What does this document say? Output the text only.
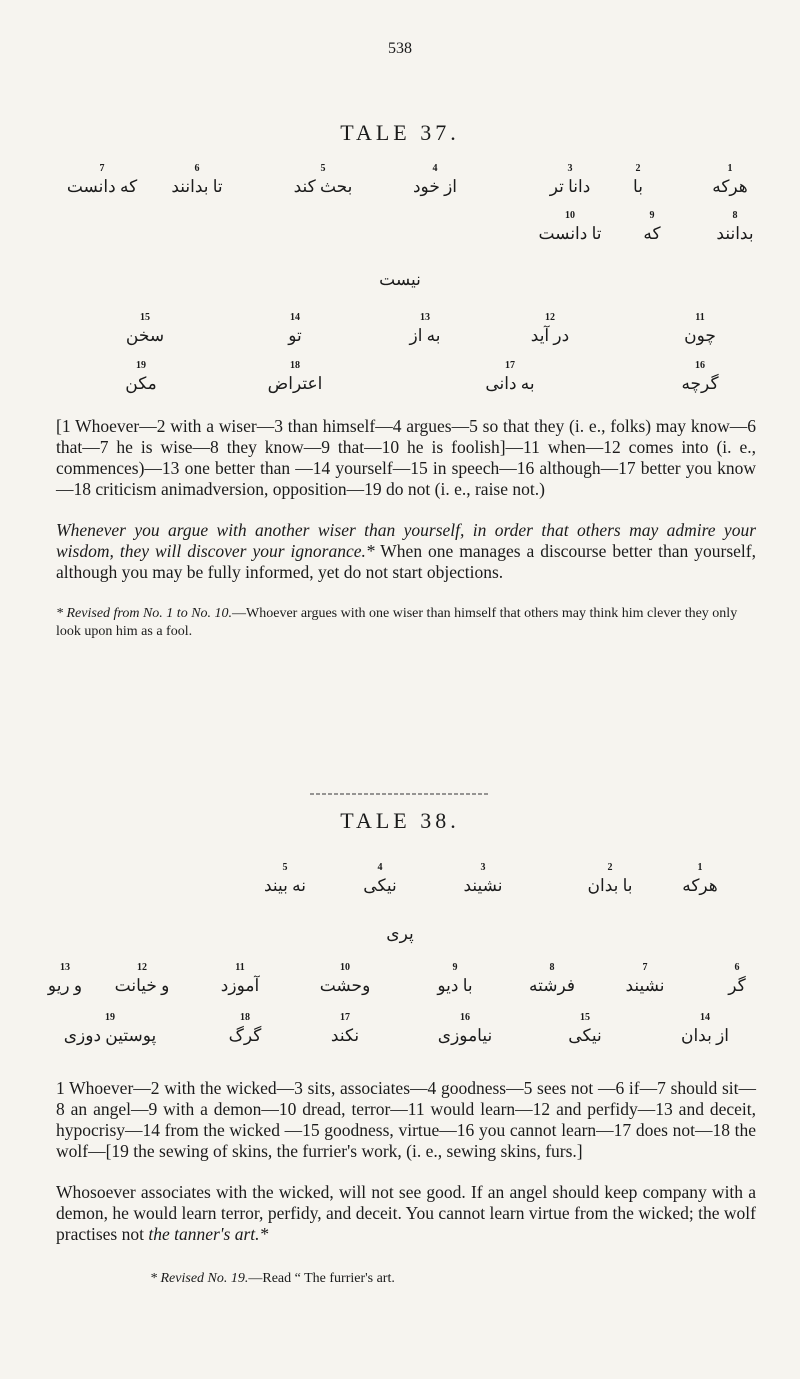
538
TALE 37.
1
هرکه
2
با
3
دانا تر
4
از خود
5
بحث کند
6
تا بدانند
7
که دانست
8
بدانند
9
که
10
تا دانست
نیست
11
چون
12
در آید
13
به از
14
تو
15
سخن
16
گرچه
17
به دانی
18
اعتراض
19
مکن
[1 Whoever—2 with a wiser—3 than himself—4 argues—5 so that they (i. e., folks) may know—6 that—7 he is wise—8 they know—9 that—10 he is foolish]—11 when—12 comes into (i. e., commences)—13 one better than —14 yourself—15 in speech—16 although—17 better you know—18 criticism animadversion, opposition—19 do not (i. e., raise not.)
Whenever you argue with another wiser than yourself, in order that others may admire your wisdom, they will discover your ignorance.* When one manages a discourse better than yourself, although you may be fully informed, yet do not start objections.
* Revised from No. 1 to No. 10.—Whoever argues with one wiser than himself that others may think him clever they only look upon him as a fool.
TALE 38.
1
هرکه
2
با بدان
3
نشیند
4
نیکی
5
نه بیند
پری
6
گر
7
نشیند
8
فرشته
9
با دیو
10
وحشت
11
آموزد
12
و خیانت
13
و ریو
14
از بدان
15
نیکی
16
نیاموزی
17
نکند
18
گرگ
19
پوستین دوزی
1 Whoever—2 with the wicked—3 sits, associates—4 goodness—5 sees not —6 if—7 should sit—8 an angel—9 with a demon—10 dread, terror—11 would learn—12 and perfidy—13 and deceit, hypocrisy—14 from the wicked —15 goodness, virtue—16 you cannot learn—17 does not—18 the wolf—[19 the sewing of skins, the furrier's work, (i. e., sewing skins, furs.]
Whosoever associates with the wicked, will not see good. If an angel should keep company with a demon, he would learn terror, perfidy, and deceit. You cannot learn virtue from the wicked; the wolf practises not the tanner's art.*
* Revised No. 19.—Read “ The furrier's art.
